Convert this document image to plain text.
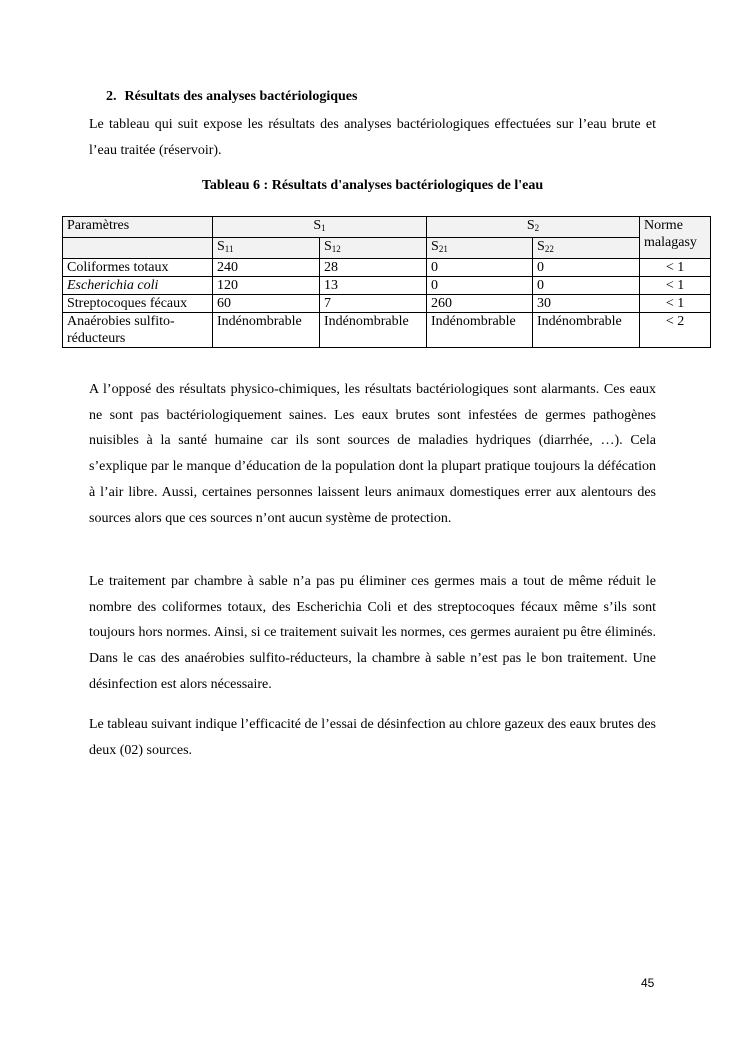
2. Résultats des analyses bactériologiques

Le tableau qui suit expose les résultats des analyses bactériologiques effectuées sur l’eau brute et l’eau traitée (réservoir).

Tableau 6 : Résultats d'analyses bactériologiques de l'eau
Paramètres	$S_1$		$S_2$		Norme malagasy
	$S_{11}$	$S_{12}$	$S_{21}$	$S_{22}$
Coliformes totaux	240	28	0	0	< 1
Escherichia coli	120	13	0	0	< 1
Streptocoques fécaux	60	7	260	30	< 1
Anaérobies sulfito-réducteurs	Indénombrable	Indénombrable	Indénombrable	Indénombrable	< 2

A l’opposé des résultats physico-chimiques, les résultats bactériologiques sont alarmants. Ces eaux ne sont pas bactériologiquement saines. Les eaux brutes sont infestées de germes pathogènes nuisibles à la santé humaine car ils sont sources de maladies hydriques (diarrhée, …). Cela s’explique par le manque d’éducation de la population dont la plupart pratique toujours la défécation à l’air libre. Aussi, certaines personnes laissent leurs animaux domestiques errer aux alentours des sources alors que ces sources n’ont aucun système de protection.

Le traitement par chambre à sable n’a pas pu éliminer ces germes mais a tout de même réduit le nombre des coliformes totaux, des Escherichia Coli et des streptocoques fécaux même s’ils sont toujours hors normes. Ainsi, si ce traitement suivait les normes, ces germes auraient pu être éliminés. Dans le cas des anaérobies sulfito-réducteurs, la chambre à sable n’est pas le bon traitement. Une désinfection est alors nécessaire.

Le tableau suivant indique l’efficacité de l’essai de désinfection au chlore gazeux des eaux brutes des deux (02) sources.

45
